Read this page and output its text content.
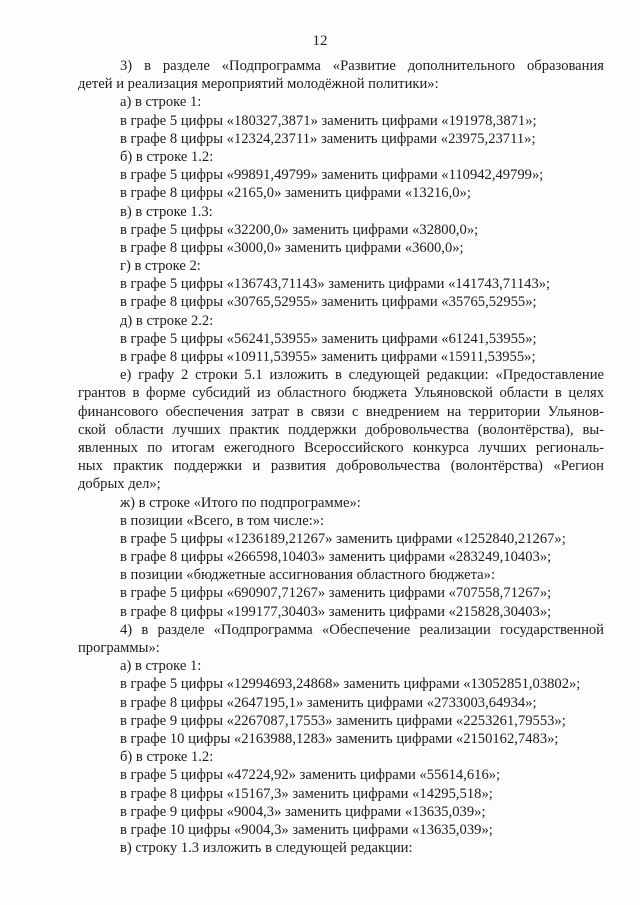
12
3) в разделе «Подпрограмма «Развитие дополнительного образования
детей и реализация мероприятий молодёжной политики»:
а) в строке 1:
в графе 5 цифры «180327,3871» заменить цифрами «191978,3871»;
в графе 8 цифры «12324,23711» заменить цифрами «23975,23711»;
б) в строке 1.2:
в графе 5 цифры «99891,49799» заменить цифрами «110942,49799»;
в графе 8 цифры «2165,0» заменить цифрами «13216,0»;
в) в строке 1.3:
в графе 5 цифры «32200,0» заменить цифрами «32800,0»;
в графе 8 цифры «3000,0» заменить цифрами «3600,0»;
г) в строке 2:
в графе 5 цифры «136743,71143» заменить цифрами «141743,71143»;
в графе 8 цифры «30765,52955» заменить цифрами «35765,52955»;
д) в строке 2.2:
в графе 5 цифры «56241,53955» заменить цифрами «61241,53955»;
в графе 8 цифры «10911,53955» заменить цифрами «15911,53955»;
е) графу 2 строки 5.1 изложить в следующей редакции: «Предоставление
грантов в форме субсидий из областного бюджета Ульяновской области в целях
финансового обеспечения затрат в связи с внедрением на территории Ульянов-
ской области лучших практик поддержки добровольчества (волонтёрства), вы-
явленных по итогам ежегодного Всероссийского конкурса лучших региональ-
ных практик поддержки и развития добровольчества (волонтёрства) «Регион
добрых дел»;
ж) в строке «Итого по подпрограмме»:
в позиции «Всего, в том числе:»:
в графе 5 цифры «1236189,21267» заменить цифрами «1252840,21267»;
в графе 8 цифры «266598,10403» заменить цифрами «283249,10403»;
в позиции «бюджетные ассигнования областного бюджета»:
в графе 5 цифры «690907,71267» заменить цифрами «707558,71267»;
в графе 8 цифры «199177,30403» заменить цифрами «215828,30403»;
4) в разделе «Подпрограмма «Обеспечение реализации государственной
программы»:
а) в строке 1:
в графе 5 цифры «12994693,24868» заменить цифрами «13052851,03802»;
в графе 8 цифры «2647195,1» заменить цифрами «2733003,64934»;
в графе 9 цифры «2267087,17553» заменить цифрами «2253261,79553»;
в графе 10 цифры «2163988,1283» заменить цифрами «2150162,7483»;
б) в строке 1.2:
в графе 5 цифры «47224,92» заменить цифрами «55614,616»;
в графе 8 цифры «15167,3» заменить цифрами «14295,518»;
в графе 9 цифры «9004,3» заменить цифрами «13635,039»;
в графе 10 цифры «9004,3» заменить цифрами «13635,039»;
в) строку 1.3 изложить в следующей редакции:
